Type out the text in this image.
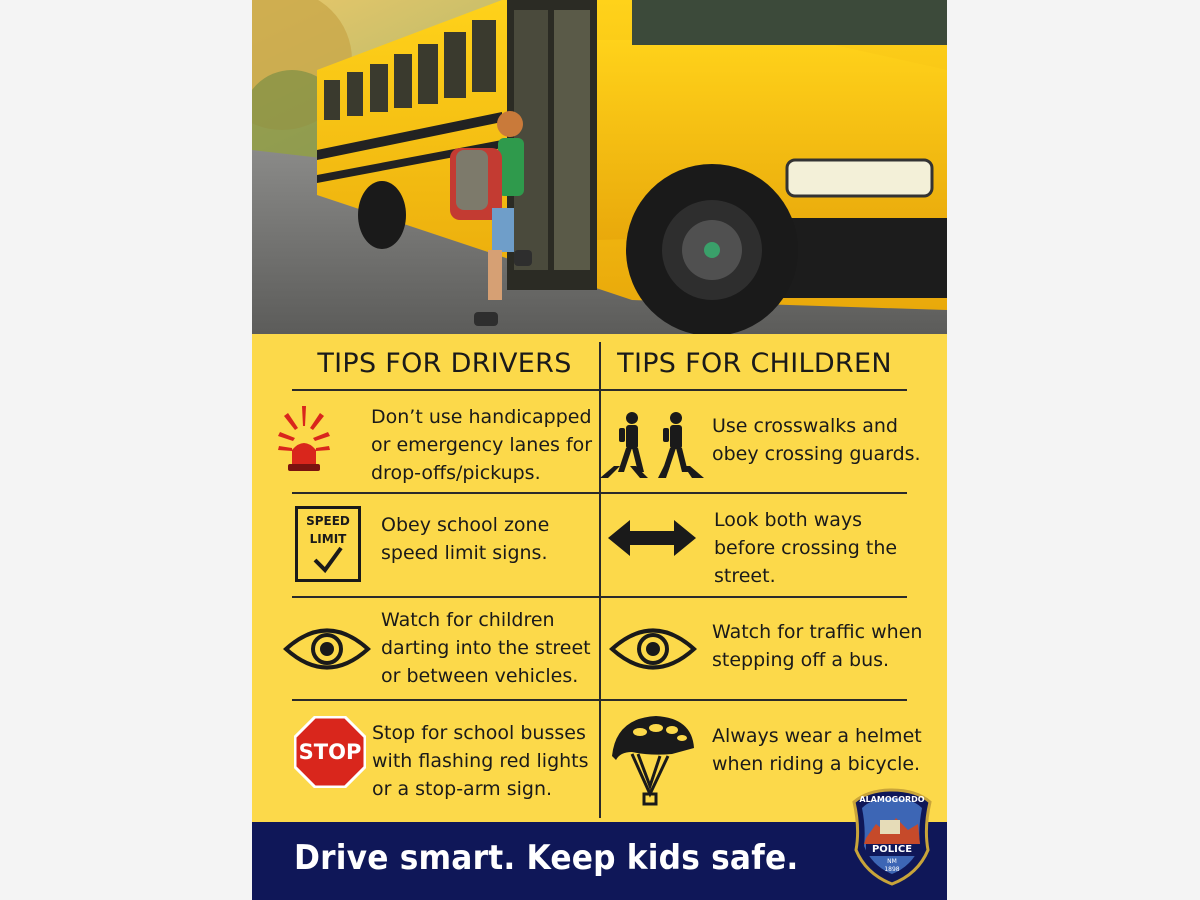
TIPS FOR DRIVERS	TIPS FOR CHILDREN
Don’t use handicapped
or emergency lanes for
drop-offs/pickups.
SPEED
LIMIT
Obey school zone
speed limit signs.
Watch for children
darting into the street
or between vehicles.
STOP
Stop for school busses
with flashing red lights
or a stop-arm sign.
Use crosswalks and
obey crossing guards.
Look both ways
before crossing the
street.
Watch for traffic when
stepping off a bus.
Always wear a helmet
when riding a bicycle.
Drive smart. Keep kids safe.
ALAMOGORDO
POLICE
NM
1898
